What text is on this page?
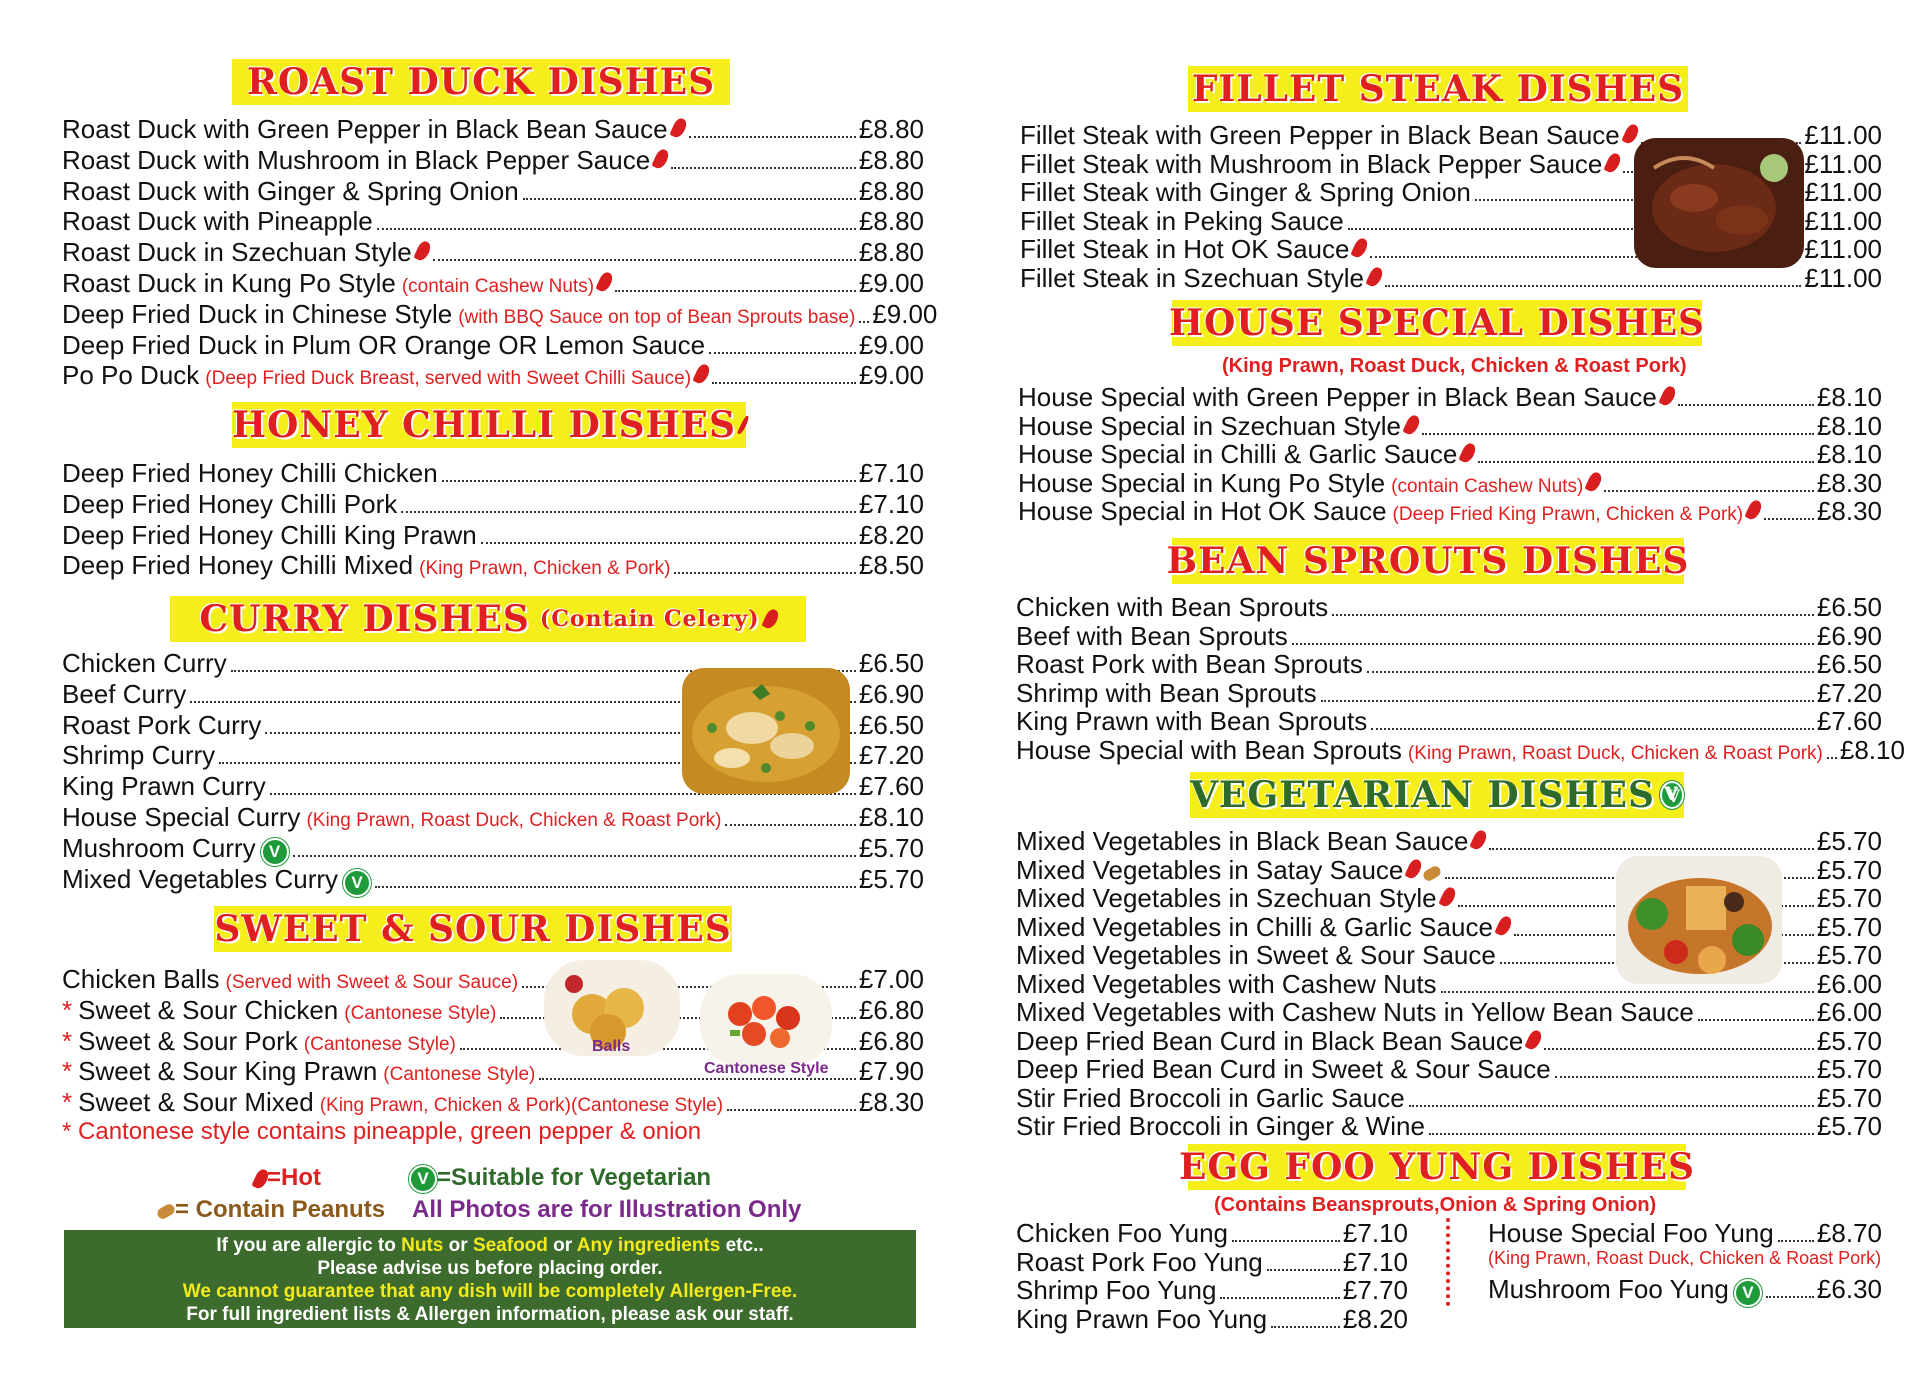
ROAST DUCK DISHES
Roast Duck with Green Pepper in Black Bean Sauce	£8.80
Roast Duck with Mushroom in Black Pepper Sauce	£8.80
Roast Duck with Ginger & Spring Onion	£8.80
Roast Duck with Pineapple	£8.80
Roast Duck in Szechuan Style	£8.80
Roast Duck in Kung Po Style (contain Cashew Nuts)	£9.00
Deep Fried Duck in Chinese Style (with BBQ Sauce on top of Bean Sprouts base) £9.00
Deep Fried Duck in Plum OR Orange OR Lemon Sauce	£9.00
Po Po Duck (Deep Fried Duck Breast, served with Sweet Chilli Sauce)	£9.00
HONEY CHILLI DISHES
Deep Fried Honey Chilli Chicken	£7.10
Deep Fried Honey Chilli Pork	£7.10
Deep Fried Honey Chilli King Prawn	£8.20
Deep Fried Honey Chilli Mixed (King Prawn, Chicken & Pork)	£8.50
CURRY DISHES (Contain Celery)
Chicken Curry	£6.50
Beef Curry	£6.90
Roast Pork Curry	£6.50
Shrimp Curry	£7.20
King Prawn Curry	£7.60
House Special Curry (King Prawn, Roast Duck, Chicken & Roast Pork)	£8.10
Mushroom Curry V	£5.70
Mixed Vegetables Curry V	£5.70
SWEET & SOUR DISHES
Chicken Balls (Served with Sweet & Sour Sauce)	£7.00
* Sweet & Sour Chicken (Cantonese Style)	£6.80
* Sweet & Sour Pork (Cantonese Style)	£6.80
* Sweet & Sour King Prawn (Cantonese Style)	£7.90
* Sweet & Sour Mixed (King Prawn, Chicken & Pork)(Cantonese Style)	£8.30
Balls
Cantonese Style
* Cantonese style contains pineapple, green pepper & onion
=Hot	V =Suitable for Vegetarian
= Contain Peanuts All Photos are for Illustration Only
If you are allergic to Nuts or Seafood or Any ingredients etc..
Please advise us before placing order.
We cannot guarantee that any dish will be completely Allergen-Free.
For full ingredient lists & Allergen information, please ask our staff.
FILLET STEAK DISHES
Fillet Steak with Green Pepper in Black Bean Sauce	£11.00
Fillet Steak with Mushroom in Black Pepper Sauce	£11.00
Fillet Steak with Ginger & Spring Onion	£11.00
Fillet Steak in Peking Sauce	£11.00
Fillet Steak in Hot OK Sauce	£11.00
Fillet Steak in Szechuan Style	£11.00
HOUSE SPECIAL DISHES
(King Prawn, Roast Duck, Chicken & Roast Pork)
House Special with Green Pepper in Black Bean Sauce	£8.10
House Special in Szechuan Style	£8.10
House Special in Chilli & Garlic Sauce	£8.10
House Special in Kung Po Style (contain Cashew Nuts)	£8.30
House Special in Hot OK Sauce (Deep Fried King Prawn, Chicken & Pork)	£8.30
BEAN SPROUTS DISHES
Chicken with Bean Sprouts	£6.50
Beef with Bean Sprouts	£6.90
Roast Pork with Bean Sprouts	£6.50
Shrimp with Bean Sprouts	£7.20
King Prawn with Bean Sprouts	£7.60
House Special with Bean Sprouts (King Prawn, Roast Duck, Chicken & Roast Pork) £8.10
VEGETARIAN DISHES V
Mixed Vegetables in Black Bean Sauce	£5.70
Mixed Vegetables in Satay Sauce	£5.70
Mixed Vegetables in Szechuan Style	£5.70
Mixed Vegetables in Chilli & Garlic Sauce	£5.70
Mixed Vegetables in Sweet & Sour Sauce	£5.70
Mixed Vegetables with Cashew Nuts	£6.00
Mixed Vegetables with Cashew Nuts in Yellow Bean Sauce	£6.00
Deep Fried Bean Curd in Black Bean Sauce	£5.70
Deep Fried Bean Curd in Sweet & Sour Sauce	£5.70
Stir Fried Broccoli in Garlic Sauce	£5.70
Stir Fried Broccoli in Ginger & Wine	£5.70
EGG FOO YUNG DISHES
(Contains Beansprouts,Onion & Spring Onion)
Chicken Foo Yung	£7.10
Roast Pork Foo Yung	£7.10
Shrimp Foo Yung	£7.70
King Prawn Foo Yung	£8.20
House Special Foo Yung £8.70
(King Prawn, Roast Duck, Chicken & Roast Pork)
Mushroom Foo Yung V	£6.30
